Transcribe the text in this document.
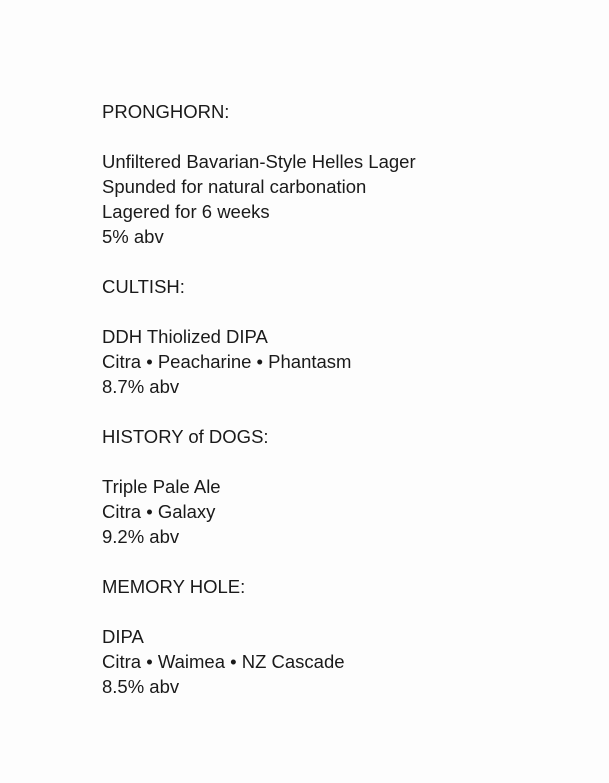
PRONGHORN:
Unfiltered Bavarian-Style Helles Lager
Spunded for natural carbonation
Lagered for 6 weeks
5% abv
CULTISH:
DDH Thiolized DIPA
Citra • Peacharine • Phantasm
8.7% abv
HISTORY of DOGS:
Triple Pale Ale
Citra • Galaxy
9.2% abv
MEMORY HOLE:
DIPA
Citra • Waimea • NZ Cascade
8.5% abv
